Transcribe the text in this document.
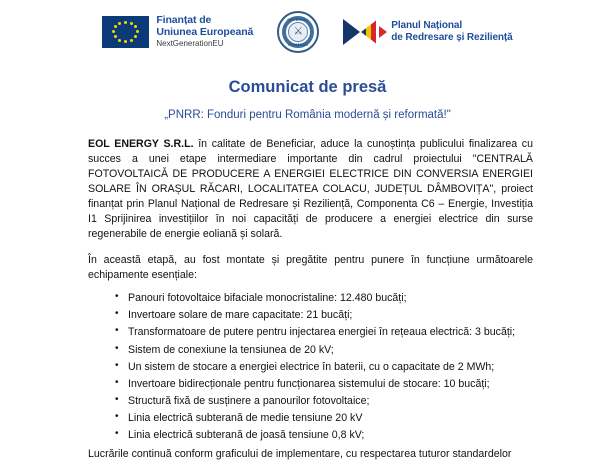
Finanțat de
Uniunea Europeană
NextGenerationEU
GUVERNUL
⚔
ROMÂNIEI
Planul Național
de Redresare și Reziliență
Comunicat de presă
„PNRR: Fonduri pentru România modernă și reformată!"

EOL ENERGY S.R.L. în calitate de Beneficiar, aduce la cunoștința publicului finalizarea cu succes a unei etape intermediare importante din cadrul proiectului "CENTRALĂ FOTOVOLTAICĂ DE PRODUCERE A ENERGIEI ELECTRICE DIN CONVERSIA ENERGIEI SOLARE ÎN ORAȘUL RĂCARI, LOCALITATEA COLACU, JUDEȚUL DÂMBOVIȚA", proiect finanțat prin Planul Național de Redresare și Reziliență, Componenta C6 – Energie, Investiția I1 Sprijinirea investițiilor în noi capacități de producere a energiei electrice din surse regenerabile de energie eoliană și solară.

În această etapă, au fost montate și pregătite pentru punere în funcțiune următoarele echipamente esențiale:

• Panouri fotovoltaice bifaciale monocristaline: 12.480 bucăți;
• Invertoare solare de mare capacitate: 21 bucăți;
• Transformatoare de putere pentru injectarea energiei în rețeaua electrică: 3 bucăți;
• Sistem de conexiune la tensiunea de 20 kV;
• Un sistem de stocare a energiei electrice în baterii, cu o capacitate de 2 MWh;
• Invertoare bidirecționale pentru funcționarea sistemului de stocare: 10 bucăți;
• Structură fixă de susținere a panourilor fotovoltaice;
• Linia electrică subterană de medie tensiune 20 kV
• Linia electrică subterană de joasă tensiune 0,8 kV;

Lucrările continuă conform graficului de implementare, cu respectarea tuturor standardelor
